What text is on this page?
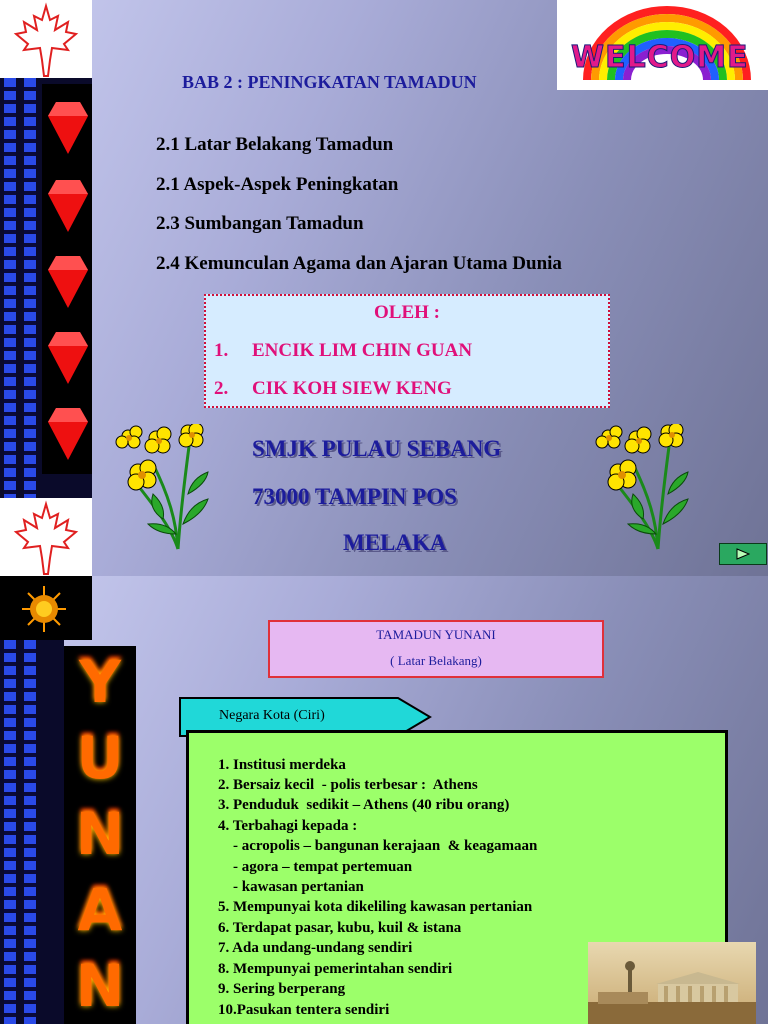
WELCOME
BAB 2 : PENINGKATAN TAMADUN
2.1 Latar Belakang Tamadun
2.1 Aspek-Aspek Peningkatan
2.3 Sumbangan Tamadun
2.4 Kemunculan Agama dan Ajaran Utama Dunia
OLEH :
1. ENCIK LIM CHIN GUAN
2. CIK KOH SIEW KENG
SMJK PULAU SEBANG
73000 TAMPIN POS
MELAKA
Y
U
N
A
N
TAMADUN YUNANI
( Latar Belakang)
Negara Kota (Ciri)
1. Institusi merdeka
2. Bersaiz kecil  - polis terbesar :  Athens
3. Penduduk  sedikit – Athens (40 ribu orang)
4. Terbahagi kepada :
- acropolis – bangunan kerajaan  & keagamaan
- agora – tempat pertemuan
- kawasan pertanian
5. Mempunyai kota dikeliling kawasan pertanian
6. Terdapat pasar, kubu, kuil & istana
7. Ada undang-undang sendiri
8. Mempunyai pemerintahan sendiri
9. Sering berperang
10.Pasukan tentera sendiri
